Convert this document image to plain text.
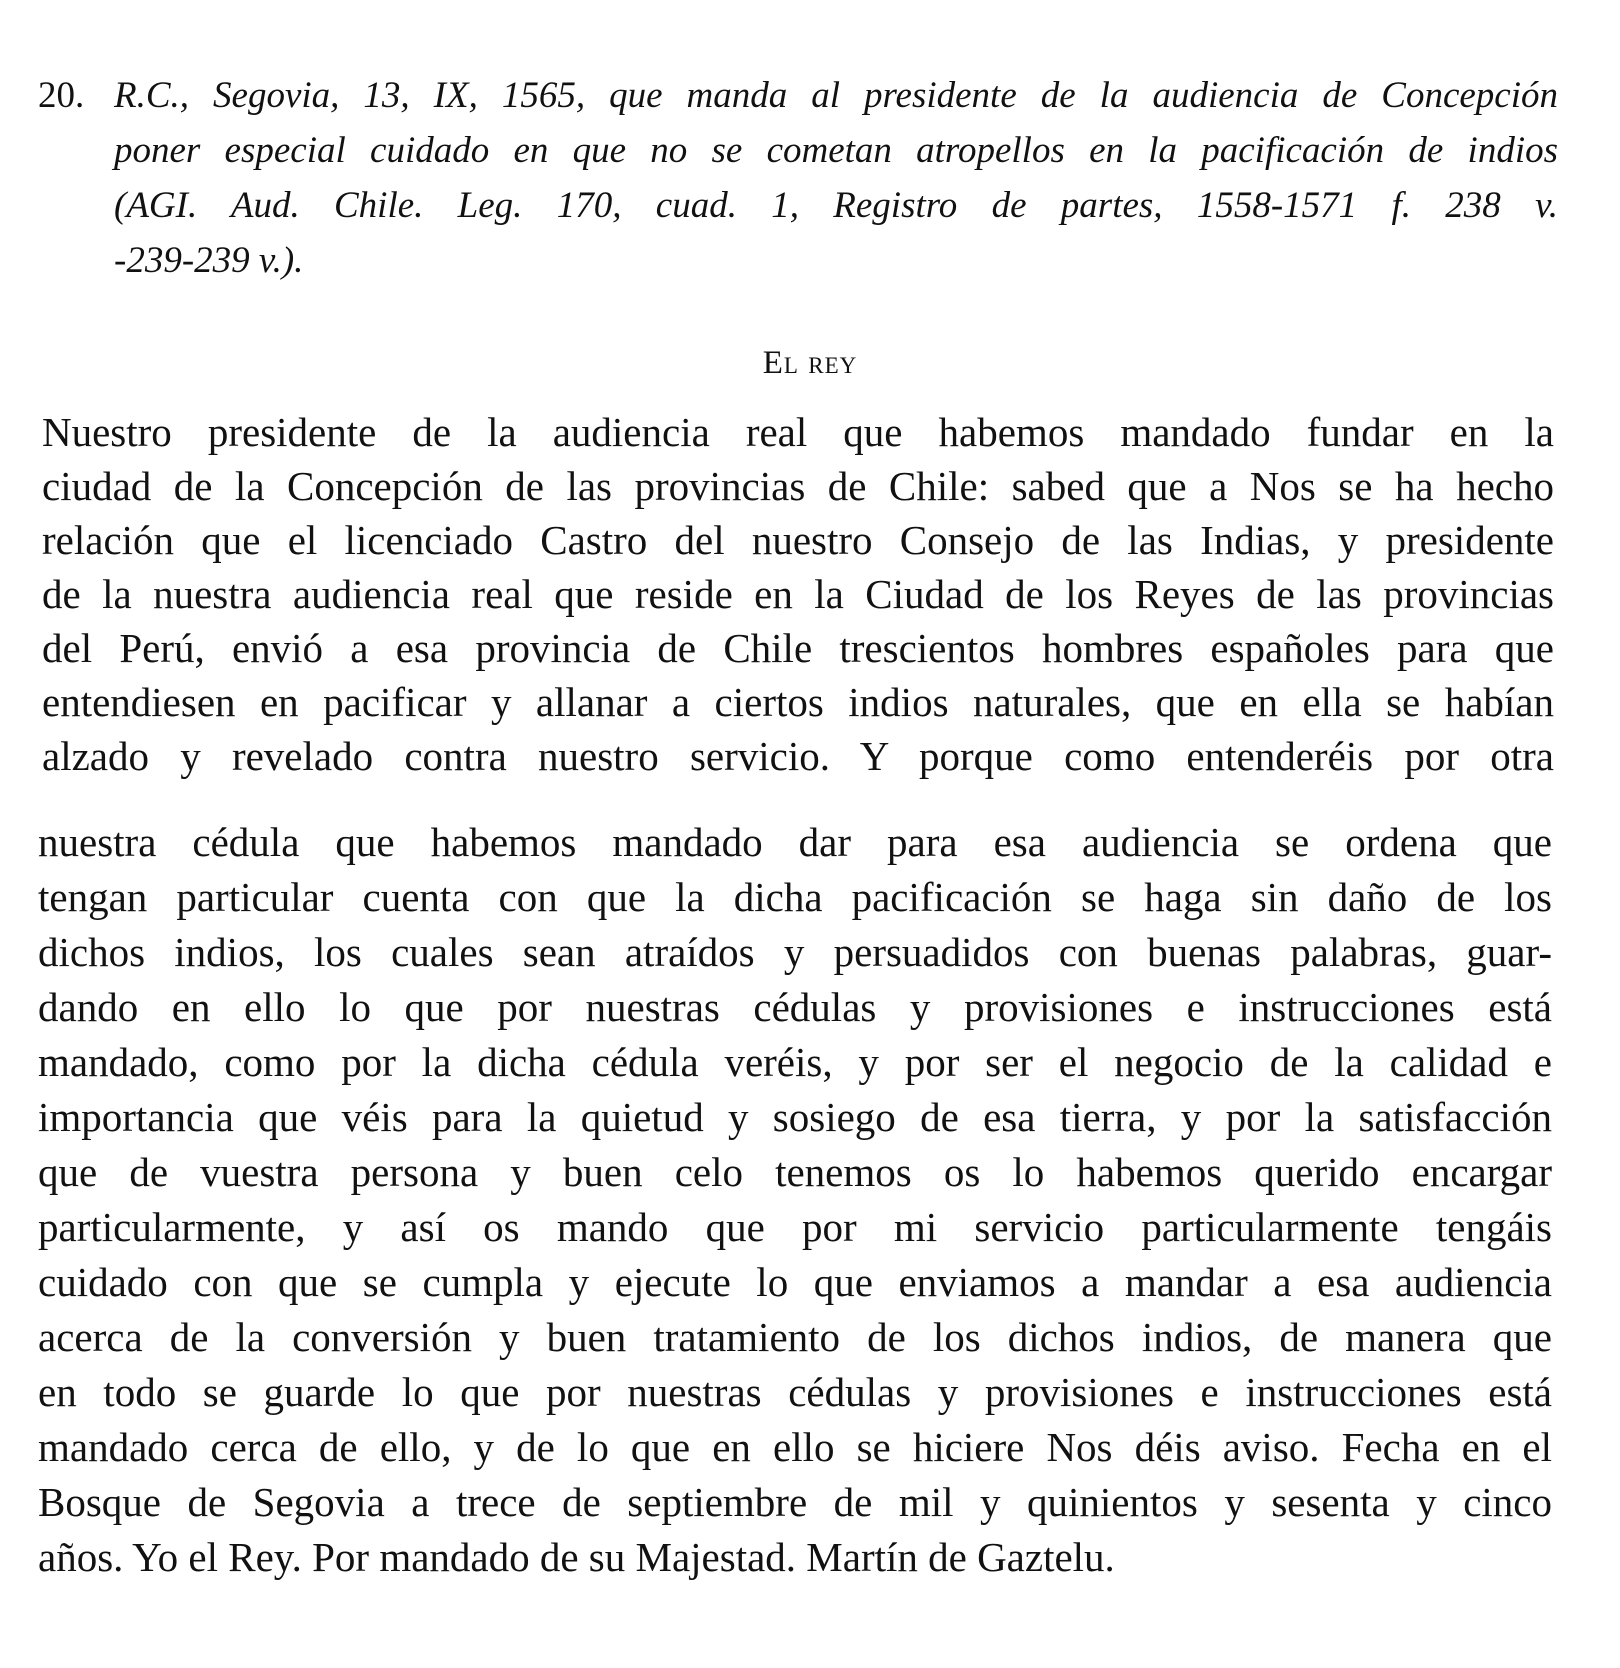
20. R.C., Segovia, 13, IX, 1565, que manda al presidente de la audiencia de Concepción
poner especial cuidado en que no se cometan atropellos en la pacificación de indios
(AGI. Aud. Chile. Leg. 170, cuad. 1, Registro de partes, 1558-1571 f. 238 v.
-239-239 v.).
El rey
Nuestro presidente de la audiencia real que habemos mandado fundar en la
ciudad de la Concepción de las provincias de Chile: sabed que a Nos se ha hecho
relación que el licenciado Castro del nuestro Consejo de las Indias, y presidente
de la nuestra audiencia real que reside en la Ciudad de los Reyes de las provincias
del Perú, envió a esa provincia de Chile trescientos hombres españoles para que
entendiesen en pacificar y allanar a ciertos indios naturales, que en ella se habían
alzado y revelado contra nuestro servicio. Y porque como entenderéis por otra
nuestra cédula que habemos mandado dar para esa audiencia se ordena que
tengan particular cuenta con que la dicha pacificación se haga sin daño de los
dichos indios, los cuales sean atraídos y persuadidos con buenas palabras, guar-
dando en ello lo que por nuestras cédulas y provisiones e instrucciones está
mandado, como por la dicha cédula veréis, y por ser el negocio de la calidad e
importancia que véis para la quietud y sosiego de esa tierra, y por la satisfacción
que de vuestra persona y buen celo tenemos os lo habemos querido encargar
particularmente, y así os mando que por mi servicio particularmente tengáis
cuidado con que se cumpla y ejecute lo que enviamos a mandar a esa audiencia
acerca de la conversión y buen tratamiento de los dichos indios, de manera que
en todo se guarde lo que por nuestras cédulas y provisiones e instrucciones está
mandado cerca de ello, y de lo que en ello se hiciere Nos déis aviso. Fecha en el
Bosque de Segovia a trece de septiembre de mil y quinientos y sesenta y cinco
años. Yo el Rey. Por mandado de su Majestad. Martín de Gaztelu.
